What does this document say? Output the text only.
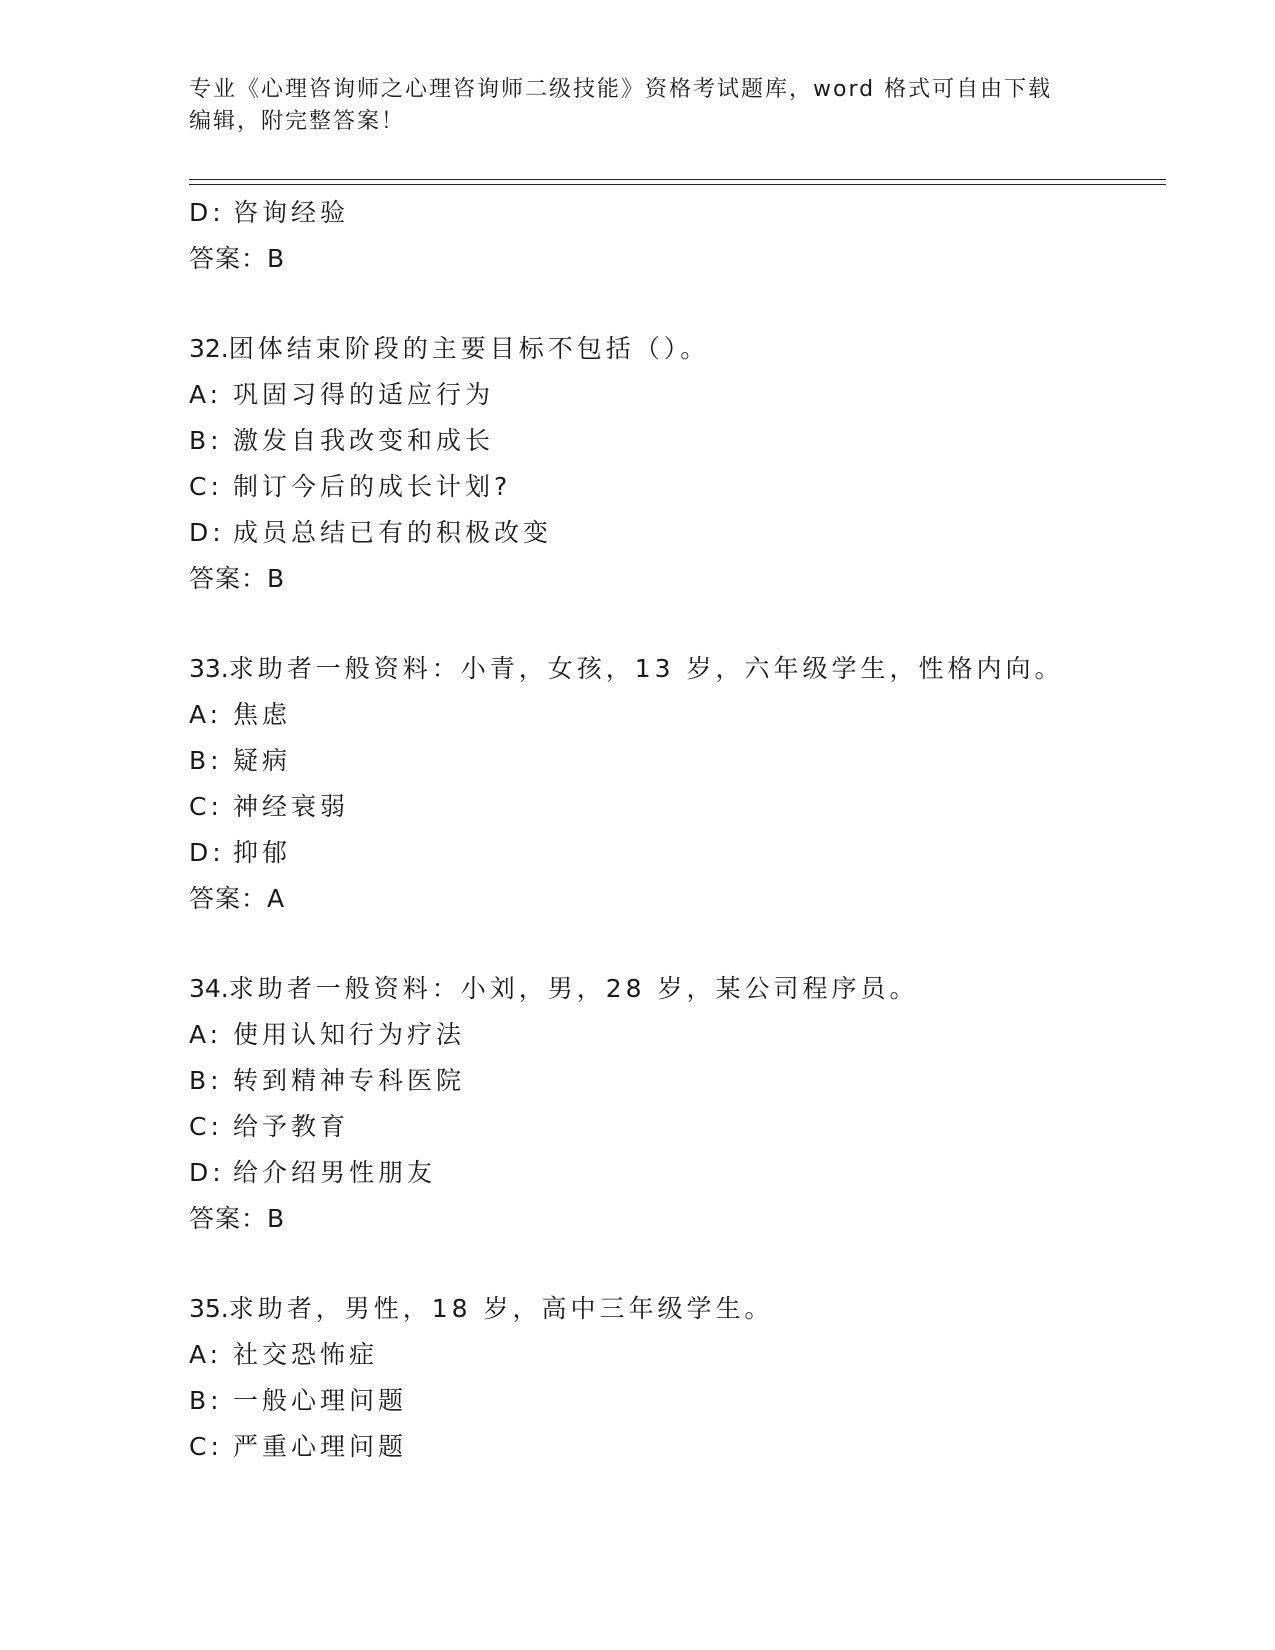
专业《心理咨询师之心理咨询师二级技能》资格考试题库，word 格式可自由下载
编辑，附完整答案！
D: 咨询经验
答案：B
32.团体结束阶段的主要目标不包括（）。
A: 巩固习得的适应行为
B: 激发自我改变和成长
C: 制订今后的成长计划?
D: 成员总结已有的积极改变
答案：B
33.求助者一般资料：小青，女孩，13 岁，六年级学生，性格内向。
A: 焦虑
B: 疑病
C: 神经衰弱
D: 抑郁
答案：A
34.求助者一般资料：小刘，男，28 岁，某公司程序员。
A: 使用认知行为疗法
B: 转到精神专科医院
C: 给予教育
D: 给介绍男性朋友
答案：B
35.求助者，男性，18 岁，高中三年级学生。
A: 社交恐怖症
B: 一般心理问题
C: 严重心理问题
